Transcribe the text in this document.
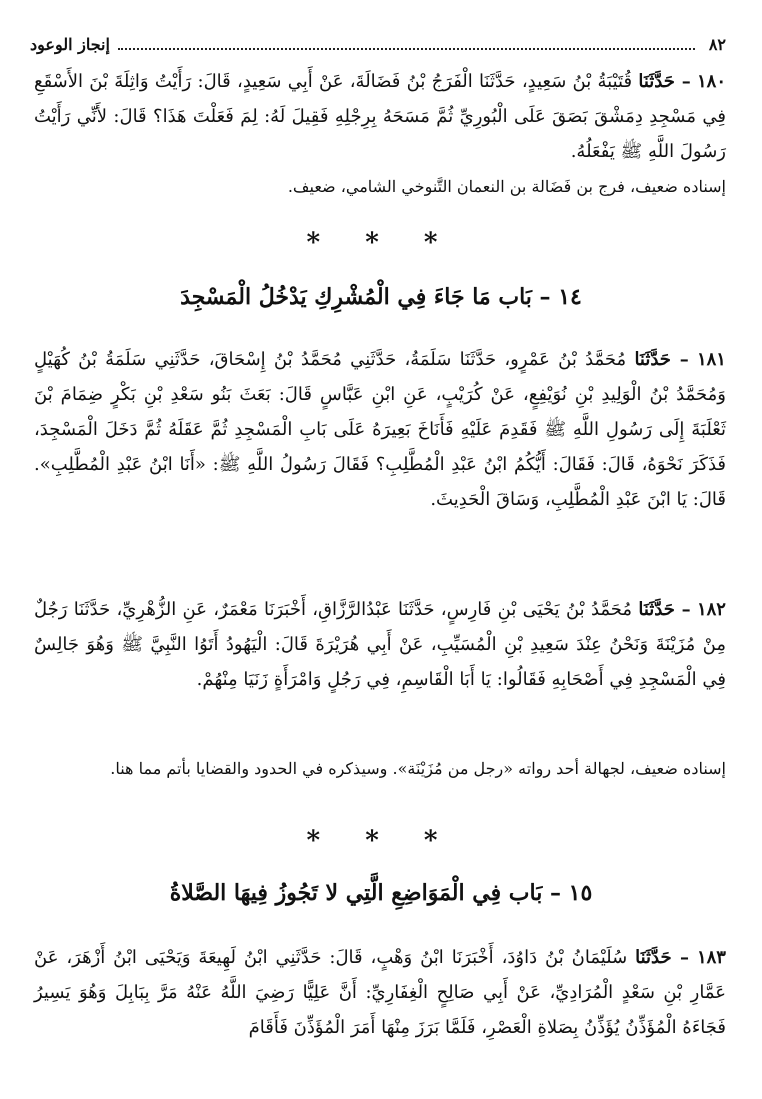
٨٢
إنجاز الوعود
١٨٠ – حَدَّثَنَا قُتَيْبَةُ بْنُ سَعِيدٍ، حَدَّثَنَا الْفَرَجُ بْنُ فَضَالَةَ، عَنْ أَبِي سَعِيدٍ، قَالَ: رَأَيْتُ وَاثِلَةَ بْنَ الأَسْقَعِ فِي مَسْجِدِ دِمَشْقَ بَصَقَ عَلَى الْبُورِيِّ ثُمَّ مَسَحَهُ بِرِجْلِهِ فَقِيلَ لَهُ: لِمَ فَعَلْتَ هَذَا؟ قَالَ: لأَنِّي رَأَيْتُ رَسُولَ اللَّهِ ﷺ يَفْعَلُهُ.
إسناده ضعيف، فرج بن فَضَالة بن النعمان التَّنوخي الشامي، ضعيف.
* * *
١٤ – بَاب مَا جَاءَ فِي الْمُشْرِكِ يَدْخُلُ الْمَسْجِدَ
١٨١ – حَدَّثَنَا مُحَمَّدُ بْنُ عَمْرٍو، حَدَّثَنَا سَلَمَةُ، حَدَّثَنِي مُحَمَّدُ بْنُ إِسْحَاقَ، حَدَّثَنِي سَلَمَةُ بْنُ كُهَيْلٍ وَمُحَمَّدُ بْنُ الْوَلِيدِ بْنِ نُوَيْفِعٍ، عَنْ كُرَيْبٍ، عَنِ ابْنِ عَبَّاسٍ قَالَ: بَعَثَ بَنُو سَعْدِ بْنِ بَكْرٍ ضِمَامَ بْنَ ثَعْلَبَةَ إِلَى رَسُولِ اللَّهِ ﷺ فَقَدِمَ عَلَيْهِ فَأَنَاخَ بَعِيرَهُ عَلَى بَابِ الْمَسْجِدِ ثُمَّ عَقَلَهُ ثُمَّ دَخَلَ الْمَسْجِدَ، فَذَكَرَ نَحْوَهُ، قَالَ: فَقَالَ: أَيُّكُمُ ابْنُ عَبْدِ الْمُطَّلِبِ؟ فَقَالَ رَسُولُ اللَّهِ ﷺ: «أَنَا ابْنُ عَبْدِ الْمُطَّلِبِ». قَالَ: يَا ابْنَ عَبْدِ الْمُطَّلِبِ، وَسَاقَ الْحَدِيثَ.
١٨٢ – حَدَّثَنَا مُحَمَّدُ بْنُ يَحْيَى بْنِ فَارِسٍ، حَدَّثَنَا عَبْدُالرَّزَّاقِ، أَخْبَرَنَا مَعْمَرٌ، عَنِ الزُّهْرِيِّ، حَدَّثَنَا رَجُلٌ مِنْ مُزَيْنَةَ وَنَحْنُ عِنْدَ سَعِيدِ بْنِ الْمُسَيِّبِ، عَنْ أَبِي هُرَيْرَةَ قَالَ: الْيَهُودُ أَتَوُا النَّبِيَّ ﷺ وَهُوَ جَالِسٌ فِي الْمَسْجِدِ فِي أَصْحَابِهِ فَقَالُوا: يَا أَبَا الْقَاسِمِ، فِي رَجُلٍ وَامْرَأَةٍ زَنَيَا مِنْهُمْ.
إسناده ضعيف، لجهالة أحد رواته «رجل من مُزَيْنَة». وسيذكره في الحدود والقضايا بأتم مما هنا.
* * *
١٥ – بَاب فِي الْمَوَاضِعِ الَّتِي لا تَجُوزُ فِيهَا الصَّلاةُ
١٨٣ – حَدَّثَنَا سُلَيْمَانُ بْنُ دَاوُدَ، أَخْبَرَنَا ابْنُ وَهْبٍ، قَالَ: حَدَّثَنِي ابْنُ لَهِيعَةَ وَيَحْيَى ابْنُ أَزْهَرَ، عَنْ عَمَّارِ بْنِ سَعْدٍ الْمُرَادِيِّ، عَنْ أَبِي صَالِحٍ الْغِفَارِيِّ: أَنَّ عَلِيًّا رَضِيَ اللَّهُ عَنْهُ مَرَّ بِبَابِلَ وَهُوَ يَسِيرُ فَجَاءَهُ الْمُؤَذِّنُ يُؤَذِّنُ بِصَلاةِ الْعَصْرِ، فَلَمَّا بَرَزَ مِنْهَا أَمَرَ الْمُؤَذِّنَ فَأَقَامَ
